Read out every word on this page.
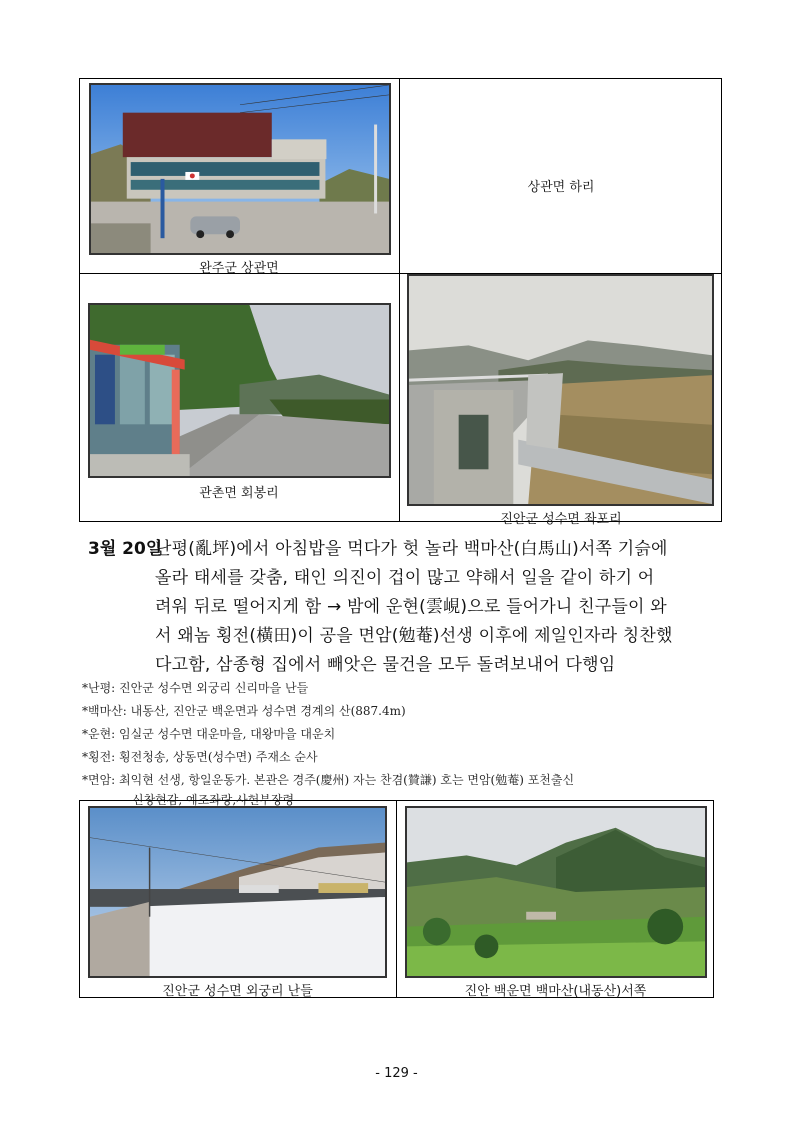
완주군 상관면
상관면 하리
관촌면 회봉리
진안군 성수면 좌포리
3월 20일
난평(亂坪)에서 아침밥을 먹다가 헛 놀라 백마산(白馬山)서쪽 기슭에
올라 태세를 갖춤, 태인 의진이 겁이 많고 약해서 일을 같이 하기 어
려워 뒤로 떨어지게 함 → 밤에 운현(雲峴)으로 들어가니 친구들이 와
서 왜놈 횡전(橫田)이 공을 면암(勉菴)선생 이후에 제일인자라 칭찬했
다고함, 삼종형 집에서 빼앗은 물건을 모두 돌려보내어 다행임
*난평: 진안군 성수면 외궁리 신리마을 난들
*백마산: 내동산, 진안군 백운면과 성수면 경계의 산(887.4m)
*운현: 임실군 성수면 대운마을, 대왕마을 대운치
*횡전: 횡전청송, 상동면(성수면) 주재소 순사
*면암: 최익현 선생, 항일운동가. 본관은 경주(慶州) 자는 찬겸(贊謙) 호는 면암(勉菴) 포천출신
신창현감, 예조좌랑,사헌부장령
진안군 성수면 외궁리 난들	진안 백운면 백마산(내동산)서쪽
- 129 -
